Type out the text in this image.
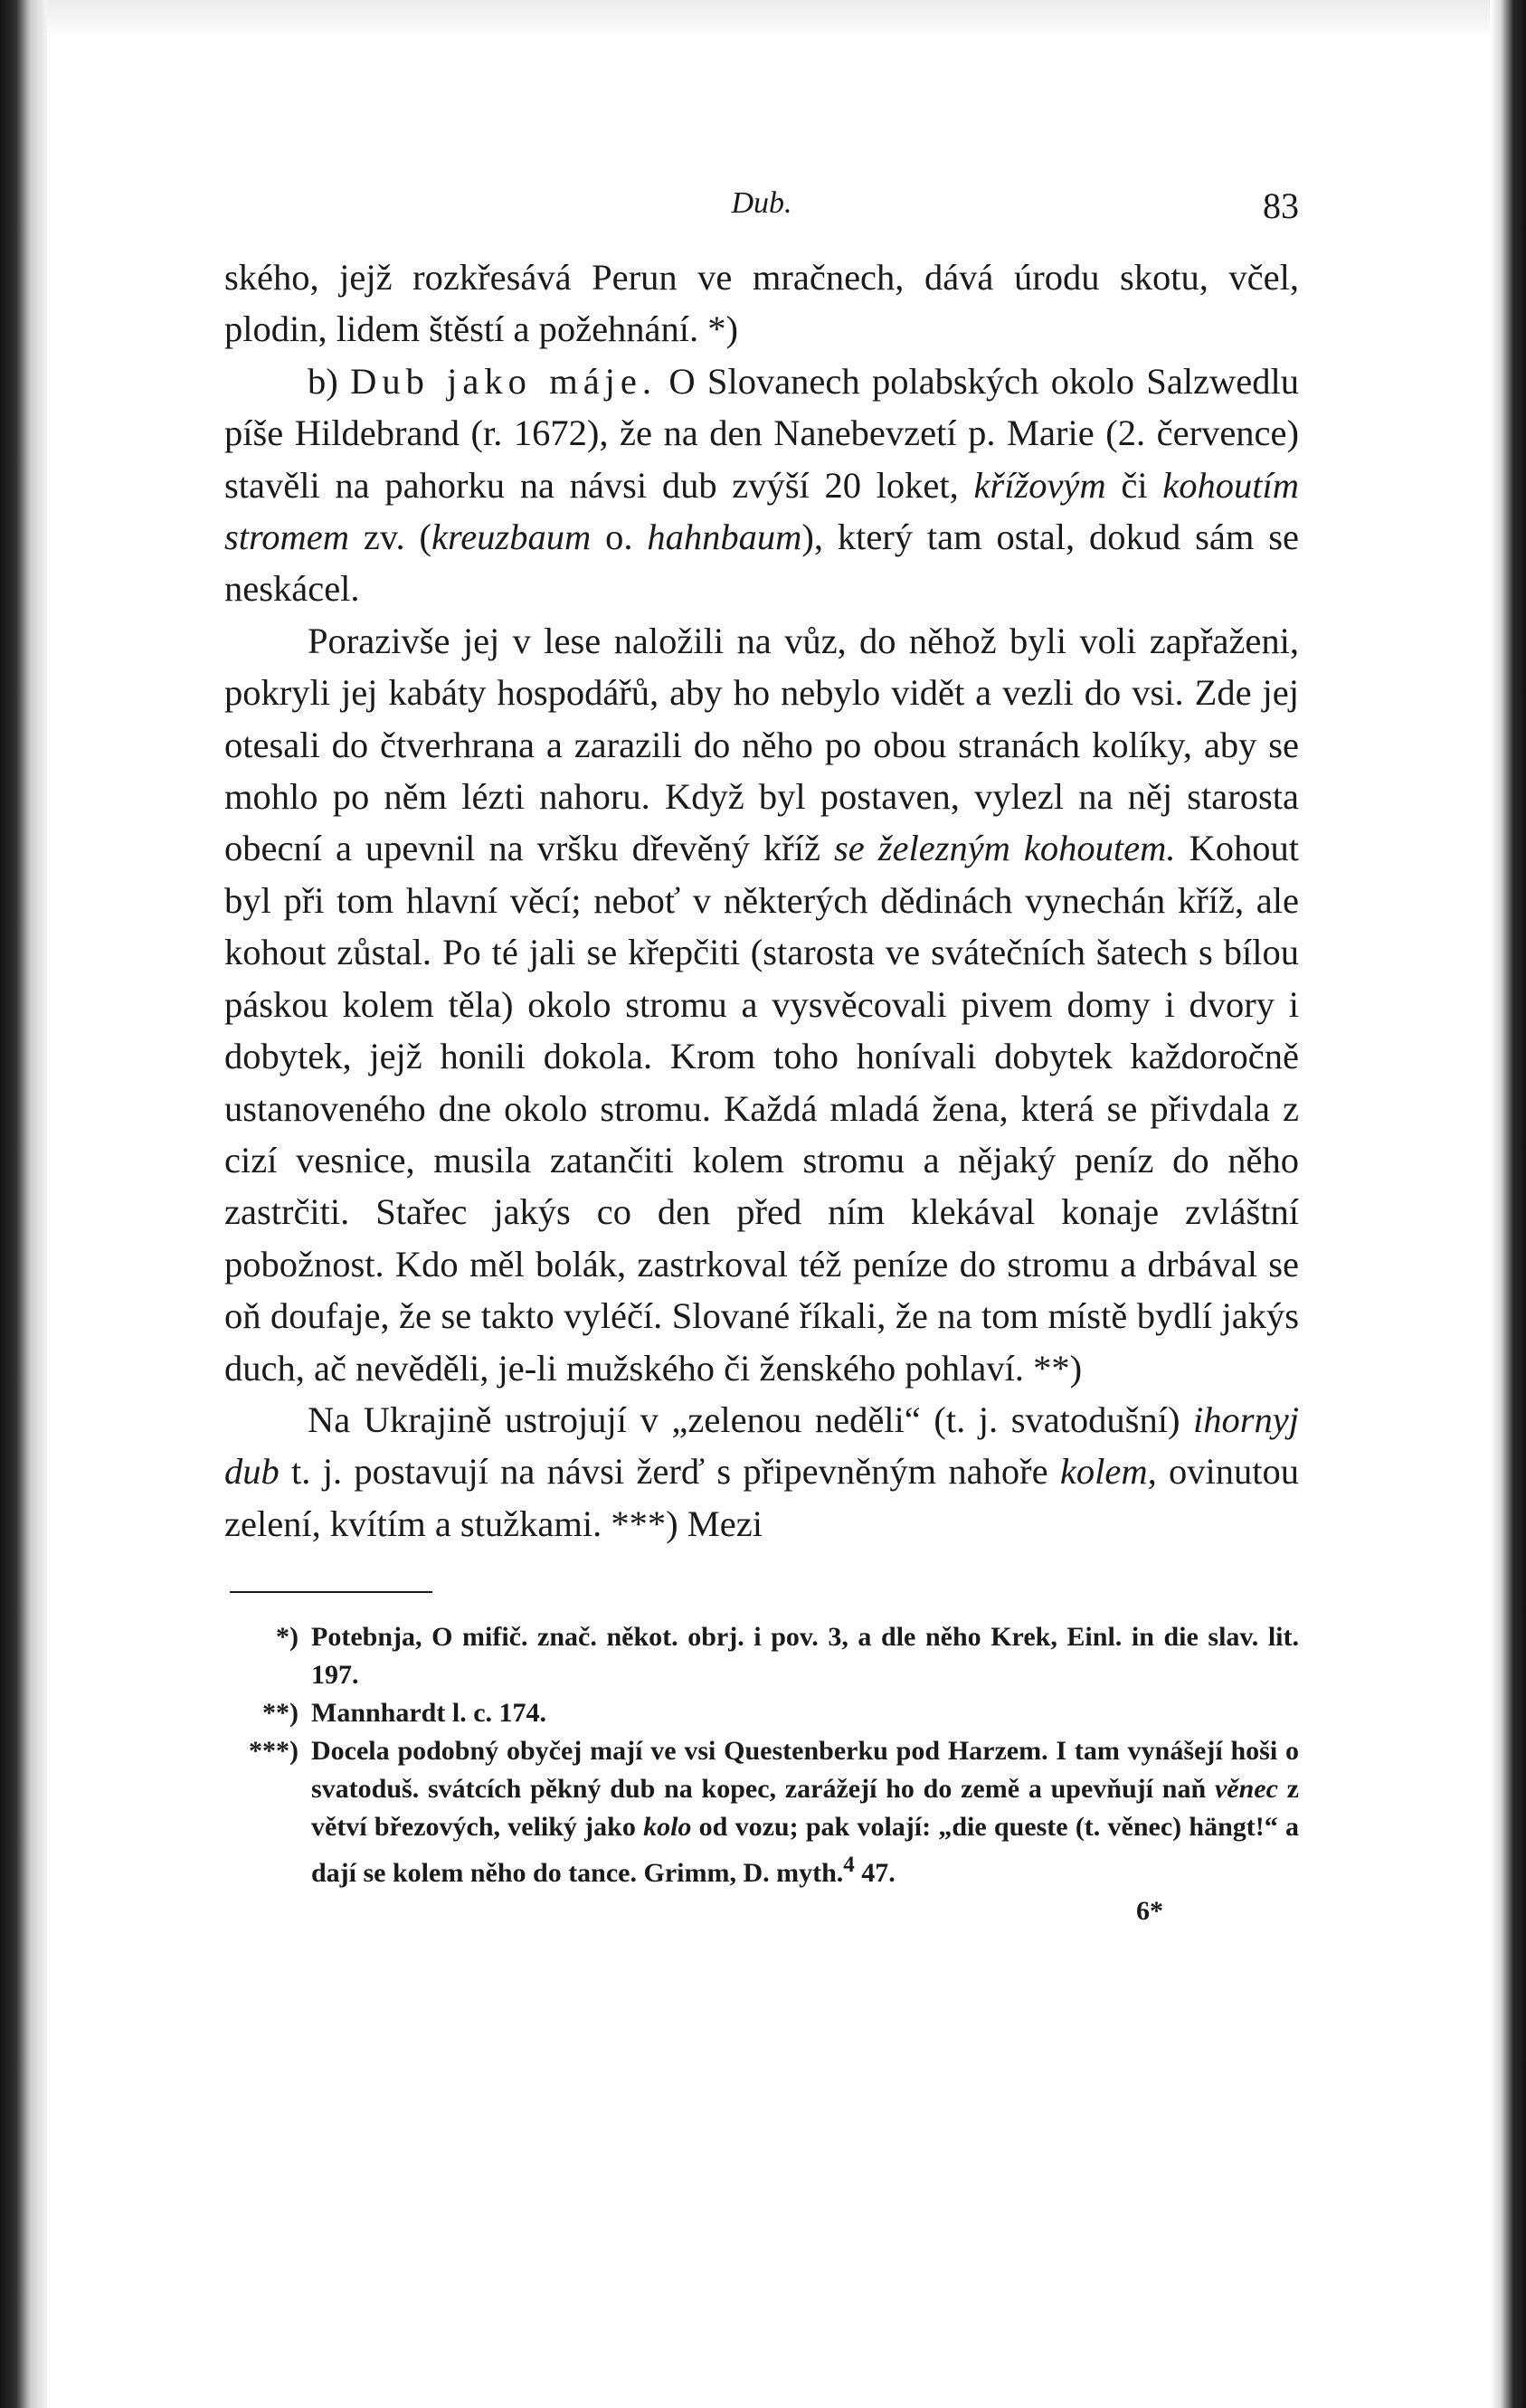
Dub.	83

ského, jejž rozkřesává Perun ve mračnech, dává úrodu skotu, včel, plodin, lidem štěstí a požehnání. *)

b) Dub jako máje. O Slovanech polabských okolo Salzwedlu píše Hildebrand (r. 1672), že na den Nanebevzetí p. Marie (2. července) stavěli na pahorku na návsi dub zvýší 20 loket, křížovým či kohoutím stromem zv. (kreuzbaum o. hahnbaum), který tam ostal, dokud sám se neskácel.

Porazivše jej v lese naložili na vůz, do něhož byli voli zapřaženi, pokryli jej kabáty hospodářů, aby ho nebylo vidět a vezli do vsi. Zde jej otesali do čtverhrana a zarazili do něho po obou stranách kolíky, aby se mohlo po něm lézti nahoru. Když byl postaven, vylezl na něj starosta obecní a upevnil na vršku dřevěný kříž se železným kohoutem. Kohout byl při tom hlavní věcí; neboť v některých dědinách vynechán kříž, ale kohout zůstal. Po té jali se křepčiti (starosta ve svátečních šatech s bílou páskou kolem těla) okolo stromu a vysvěcovali pivem domy i dvory i dobytek, jejž honili dokola. Krom toho honívali dobytek každoročně ustanoveného dne okolo stromu. Každá mladá žena, která se přivdala z cizí vesnice, musila zatančiti kolem stromu a nějaký peníz do něho zastrčiti. Stařec jakýs co den před ním klekával konaje zvláštní pobožnost. Kdo měl bolák, zastrkoval též peníze do stromu a drbával se oň doufaje, že se takto vyléčí. Slované říkali, že na tom místě bydlí jakýs duch, ač nevěděli, je-li mužského či ženského pohlaví. **)

Na Ukrajině ustrojují v „zelenou neděli“ (t. j. svatodušní) ihornyj dub t. j. postavují na návsi žerď s připevněným nahoře kolem, ovinutou zelení, kvítím a stužkami. ***) Mezi

*) Potebnja, O mifič. znač. někot. obrj. i pov. 3, a dle něho Krek, Einl. in die slav. lit. 197.
**) Mannhardt l. c. 174.
***) Docela podobný obyčej mají ve vsi Questenberku pod Harzem. I tam vynášejí hoši o svatoduš. svátcích pěkný dub na kopec, zarážejí ho do země a upevňují naň věnec z větví březových, veliký jako kolo od vozu; pak volají: „die queste (t. věnec) hängt!“ a dají se kolem něho do tance. Grimm, D. myth.$^4$ 47.
6*
